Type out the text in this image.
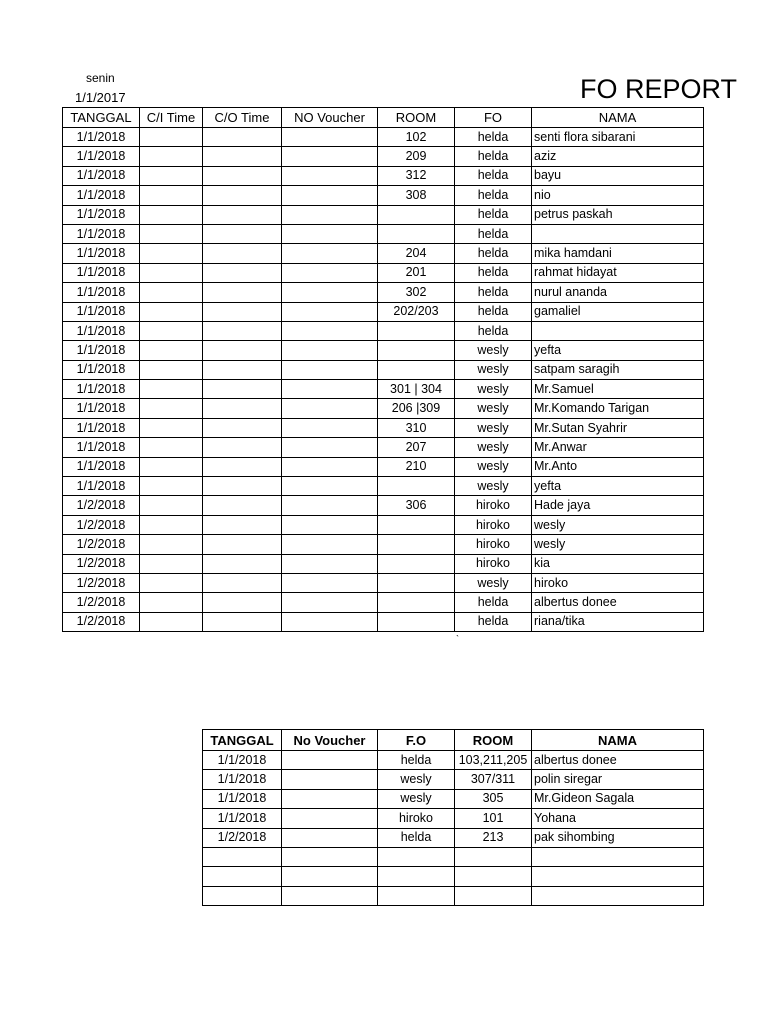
senin
1/1/2017	FO REPORT
TANGGAL	C/I Time	C/O Time	NO Voucher	ROOM	FO	NAMA
1/1/2018				102	helda	senti flora sibarani
1/1/2018				209	helda	aziz
1/1/2018				312	helda	bayu
1/1/2018				308	helda	nio
1/1/2018					helda	petrus paskah
1/1/2018					helda	
1/1/2018				204	helda	mika hamdani
1/1/2018				201	helda	rahmat hidayat
1/1/2018				302	helda	nurul ananda
1/1/2018				202/203	helda	gamaliel
1/1/2018					helda	
1/1/2018					wesly	yefta
1/1/2018					wesly	satpam saragih
1/1/2018				301 | 304	wesly	Mr.Samuel
1/1/2018				206 |309	wesly	Mr.Komando Tarigan
1/1/2018				310	wesly	Mr.Sutan Syahrir
1/1/2018				207	wesly	Mr.Anwar
1/1/2018				210	wesly	Mr.Anto
1/1/2018					wesly	yefta
1/2/2018				306	hiroko	Hade jaya
1/2/2018					hiroko	wesly
1/2/2018					hiroko	wesly
1/2/2018					hiroko	kia
1/2/2018					wesly	hiroko
1/2/2018					helda	albertus donee
1/2/2018					helda	riana/tika
`
TANGGAL	No Voucher	F.O	ROOM	NAMA
1/1/2018		helda	103,211,205	albertus donee
1/1/2018		wesly	307/311	polin siregar
1/1/2018		wesly	305	Mr.Gideon Sagala
1/1/2018		hiroko	101	Yohana
1/2/2018		helda	213	pak sihombing
